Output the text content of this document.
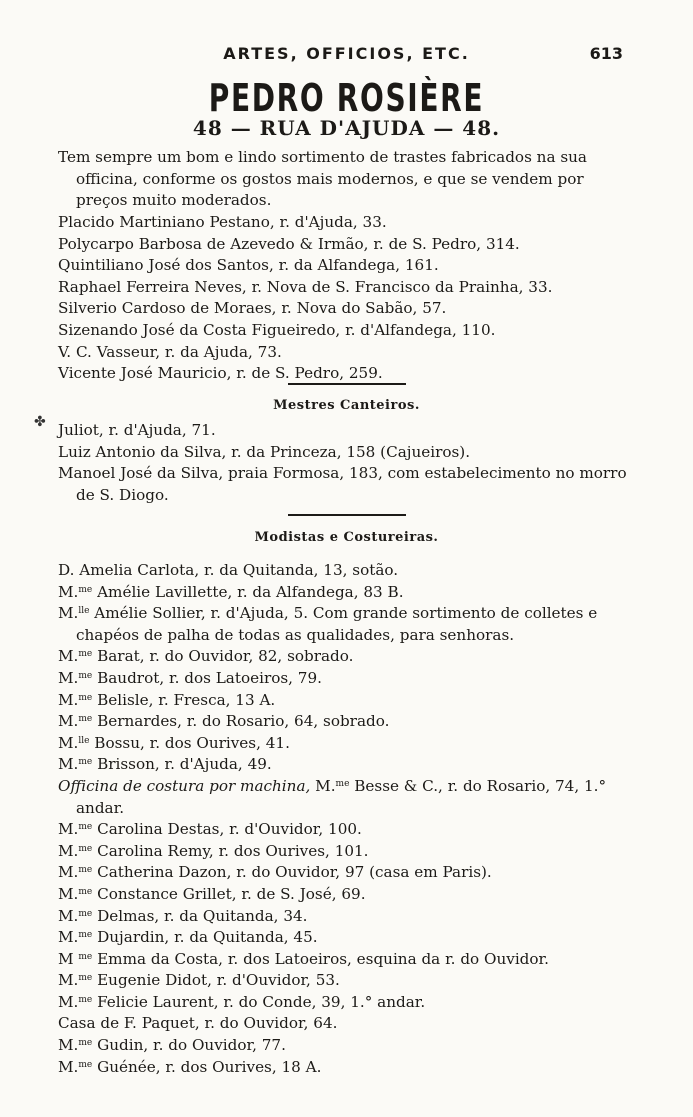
ARTES, OFFICIOS, ETC.	613
PEDRO ROSIÈRE
48 — RUA D'AJUDA — 48.
Tem sempre um bom e lindo sortimento de trastes fabricados na sua officina, conforme os gostos mais modernos, e que se vendem por preços muito moderados.
Placido Martiniano Pestano, r. d'Ajuda, 33.
Polycarpo Barbosa de Azevedo & Irmão, r. de S. Pedro, 314.
Quintiliano José dos Santos, r. da Alfandega, 161.
Raphael Ferreira Neves, r. Nova de S. Francisco da Prainha, 33.
Silverio Cardoso de Moraes, r. Nova do Sabão, 57.
Sizenando José da Costa Figueiredo, r. d'Alfandega, 110.
V. C. Vasseur, r. da Ajuda, 73.
Vicente José Mauricio, r. de S. Pedro, 259.
Mestres Canteiros.
✤ Juliot, r. d'Ajuda, 71.
Luiz Antonio da Silva, r. da Princeza, 158 (Cajueiros).
Manoel José da Silva, praia Formosa, 183, com estabelecimento no morro de S. Diogo.
Modistas e Costureiras.
D. Amelia Carlota, r. da Quitanda, 13, sotão.
M.$^{me}$ Amélie Lavillette, r. da Alfandega, 83 B.
M.$^{lle}$ Amélie Sollier, r. d'Ajuda, 5. Com grande sortimento de colletes e chapéos de palha de todas as qualidades, para senhoras.
M.$^{me}$ Barat, r. do Ouvidor, 82, sobrado.
M.$^{me}$ Baudrot, r. dos Latoeiros, 79.
M.$^{me}$ Belisle, r. Fresca, 13 A.
M.$^{me}$ Bernardes, r. do Rosario, 64, sobrado.
M.$^{lle}$ Bossu, r. dos Ourives, 41.
M.$^{me}$ Brisson, r. d'Ajuda, 49.
Officina de costura por machina, M.$^{me}$ Besse & C., r. do Rosario, 74, 1.° andar.
M.$^{me}$ Carolina Destas, r. d'Ouvidor, 100.
M.$^{me}$ Carolina Remy, r. dos Ourives, 101.
M.$^{me}$ Catherina Dazon, r. do Ouvidor, 97 (casa em Paris).
M.$^{me}$ Constance Grillet, r. de S. José, 69.
M.$^{me}$ Delmas, r. da Quitanda, 34.
M.$^{me}$ Dujardin, r. da Quitanda, 45.
M $^{me}$ Emma da Costa, r. dos Latoeiros, esquina da r. do Ouvidor.
M.$^{me}$ Eugenie Didot, r. d'Ouvidor, 53.
M.$^{me}$ Felicie Laurent, r. do Conde, 39, 1.° andar.
Casa de F. Paquet, r. do Ouvidor, 64.
M.$^{me}$ Gudin, r. do Ouvidor, 77.
M.$^{me}$ Guénée, r. dos Ourives, 18 A.
